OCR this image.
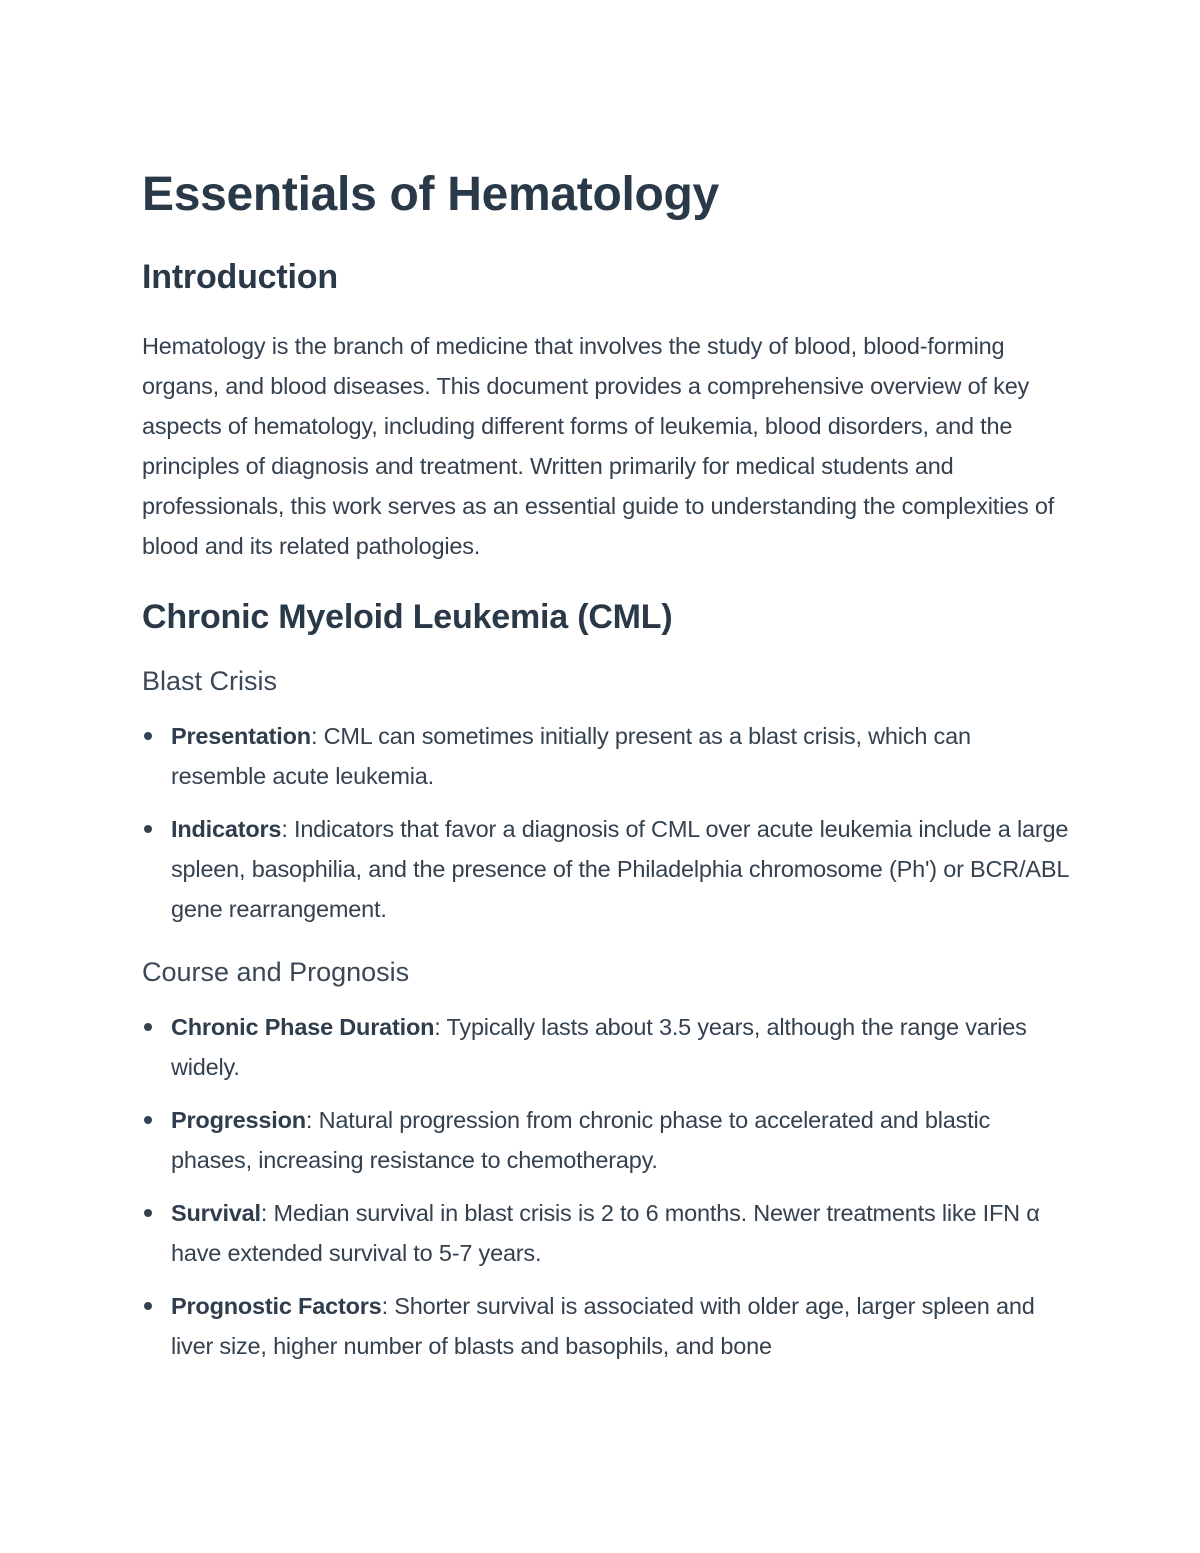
Essentials of Hematology
Introduction

Hematology is the branch of medicine that involves the study of blood, blood-forming organs, and blood diseases. This document provides a comprehensive overview of key aspects of hematology, including different forms of leukemia, blood disorders, and the principles of diagnosis and treatment. Written primarily for medical students and professionals, this work serves as an essential guide to understanding the complexities of blood and its related pathologies.

Chronic Myeloid Leukemia (CML)
Blast Crisis
Presentation: CML can sometimes initially present as a blast crisis, which can resemble acute leukemia.
Indicators: Indicators that favor a diagnosis of CML over acute leukemia include a large spleen, basophilia, and the presence of the Philadelphia chromosome (Ph') or BCR/ABL gene rearrangement.
Course and Prognosis
Chronic Phase Duration: Typically lasts about 3.5 years, although the range varies widely.
Progression: Natural progression from chronic phase to accelerated and blastic phases, increasing resistance to chemotherapy.
Survival: Median survival in blast crisis is 2 to 6 months. Newer treatments like IFN α have extended survival to 5-7 years.
Prognostic Factors: Shorter survival is associated with older age, larger spleen and liver size, higher number of blasts and basophils, and bone
